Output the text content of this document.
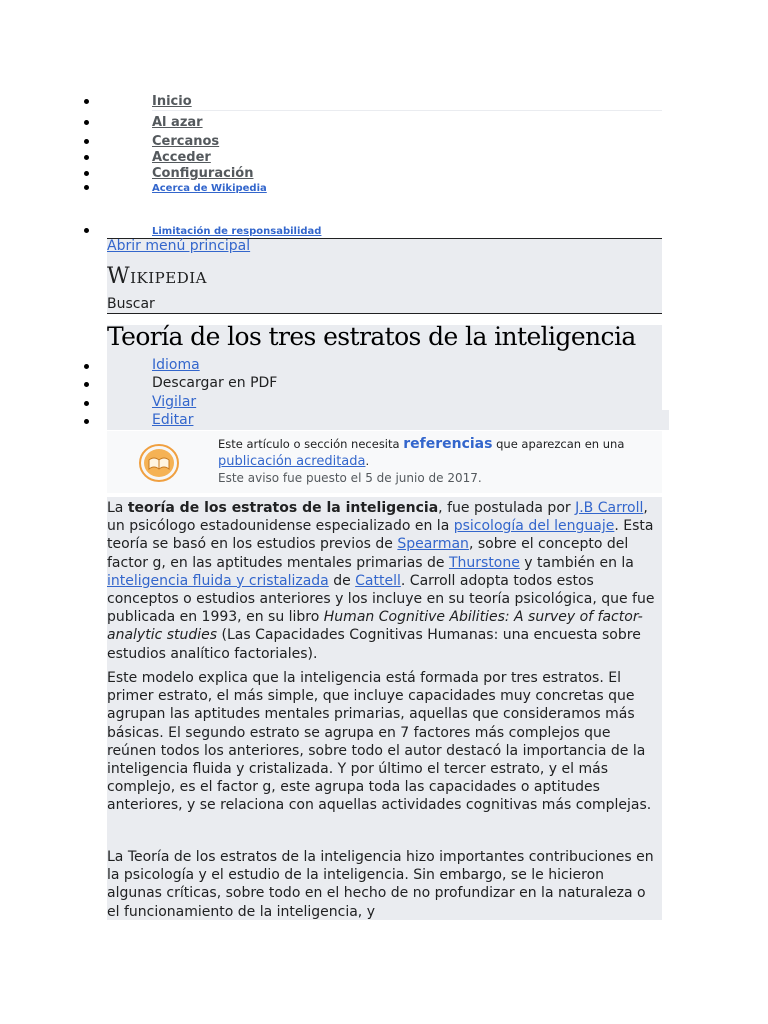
Inicio
Al azar
Cercanos
Acceder
Configuración
Acerca de Wikipedia
Limitación de responsabilidad
Abrir menú principal
Wikipedia
Buscar
Teoría de los tres estratos de la inteligencia
Idioma
Descargar en PDF
Vigilar
Editar
Este artículo o sección necesita referencias que aparezcan en una publicación acreditada.
Este aviso fue puesto el 5 de junio de 2017.

La teoría de los estratos de la inteligencia, fue postulada por J.B Carroll, un psicólogo estadounidense especializado en la psicología del lenguaje. Esta teoría se basó en los estudios previos de Spearman, sobre el concepto del factor g, en las aptitudes mentales primarias de Thurstone y también en la inteligencia fluida y cristalizada de Cattell. Carroll adopta todos estos conceptos o estudios anteriores y los incluye en su teoría psicológica, que fue publicada en 1993, en su libro Human Cognitive Abilities: A survey of factor-analytic studies (Las Capacidades Cognitivas Humanas: una encuesta sobre estudios analítico factoriales).

Este modelo explica que la inteligencia está formada por tres estratos. El primer estrato, el más simple, que incluye capacidades muy concretas que agrupan las aptitudes mentales primarias, aquellas que consideramos más básicas. El segundo estrato se agrupa en 7 factores más complejos que reúnen todos los anteriores, sobre todo el autor destacó la importancia de la inteligencia fluida y cristalizada. Y por último el tercer estrato, y el más complejo, es el factor g, este agrupa toda las capacidades o aptitudes anteriores, y se relaciona con aquellas actividades cognitivas más complejas.

La Teoría de los estratos de la inteligencia hizo importantes contribuciones en la psicología y el estudio de la inteligencia. Sin embargo, se le hicieron algunas críticas, sobre todo en el hecho de no profundizar en la naturaleza o el funcionamiento de la inteligencia, y
